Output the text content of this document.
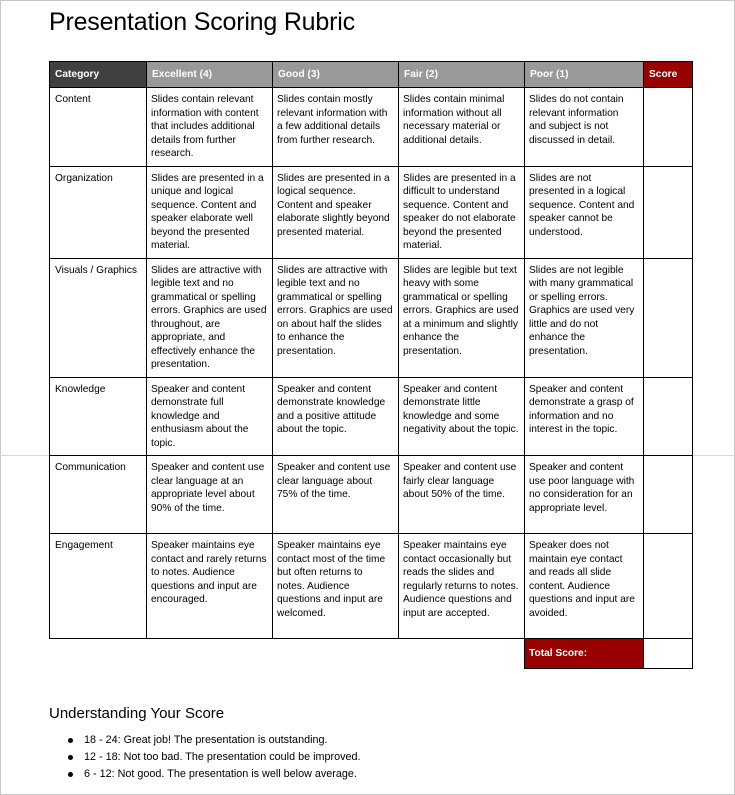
Presentation Scoring Rubric
Category	Excellent (4)	Good (3)	Fair (2)	Poor (1)	Score
Content	Slides contain relevant information with content that includes additional details from further research.	Slides contain mostly relevant information with a few additional details from further research.	Slides contain minimal information without all necessary material or additional details.	Slides do not contain relevant information and subject is not discussed in detail.	
Organization	Slides are presented in a unique and logical sequence. Content and speaker elaborate well beyond the presented material.	Slides are presented in a logical sequence. Content and speaker elaborate slightly beyond presented material.	Slides are presented in a difficult to understand sequence. Content and speaker do not elaborate beyond the presented material.	Slides are not presented in a logical sequence. Content and speaker cannot be understood.	
Visuals / Graphics	Slides are attractive with legible text and no grammatical or spelling errors. Graphics are used throughout, are appropriate, and effectively enhance the presentation.	Slides are attractive with legible text and no grammatical or spelling errors. Graphics are used on about half the slides to enhance the presentation.	Slides are legible but text heavy with some grammatical or spelling errors. Graphics are used at a minimum and slightly enhance the presentation.	Slides are not legible with many grammatical or spelling errors. Graphics are used very little and do not enhance the presentation.	
Knowledge	Speaker and content demonstrate full knowledge and enthusiasm about the topic.	Speaker and content demonstrate knowledge and a positive attitude about the topic.	Speaker and content demonstrate little knowledge and some negativity about the topic.	Speaker and content demonstrate a grasp of information and no interest in the topic.	
Communication	Speaker and content use clear language at an appropriate level about 90% of the time.	Speaker and content use clear language about 75% of the time.	Speaker and content use fairly clear language about 50% of the time.	Speaker and content use poor language with no consideration for an appropriate level.	
Engagement	Speaker maintains eye contact and rarely returns to notes. Audience questions and input are encouraged.	Speaker maintains eye contact most of the time but often returns to notes. Audience questions and input are welcomed.	Speaker maintains eye contact occasionally but reads the slides and regularly returns to notes. Audience questions and input are accepted.	Speaker does not maintain eye contact and reads all slide content. Audience questions and input are avoided.	
				Total Score:	
Understanding Your Score
18 - 24: Great job! The presentation is outstanding.
12 - 18: Not too bad. The presentation could be improved.
6 - 12: Not good. The presentation is well below average.
